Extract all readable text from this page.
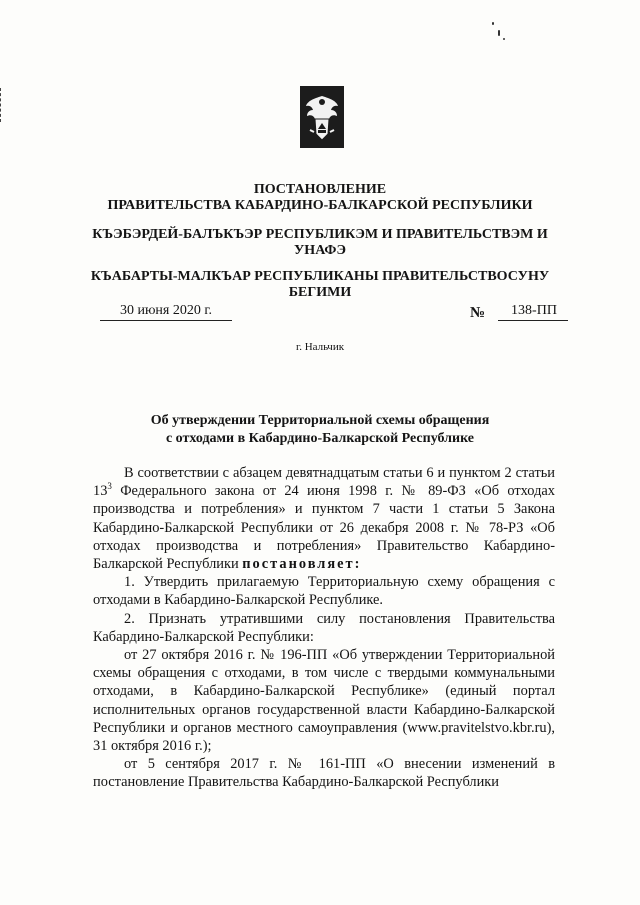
ПОСТАНОВЛЕНИЕ
ПРАВИТЕЛЬСТВА КАБАРДИНО-БАЛКАРСКОЙ РЕСПУБЛИКИ
КЪЭБЭРДЕЙ-БАЛЪКЪЭР РЕСПУБЛИКЭМ И ПРАВИТЕЛЬСТВЭМ И
УНАФЭ
КЪАБАРТЫ-МАЛКЪАР РЕСПУБЛИКАНЫ ПРАВИТЕЛЬСТВОСУНУ
БЕГИМИ
30 июня 2020 г.	№	138-ПП
г. Нальчик
Об утверждении Территориальной схемы обращения
с отходами в Кабардино-Балкарской Республике

В соответствии с абзацем девятнадцатым статьи 6 и пунктом 2 статьи $13^3$ Федерального закона от 24 июня 1998 г. № 89-ФЗ «Об отходах производства и потребления» и пунктом 7 части 1 статьи 5 Закона Кабардино-Балкарской Республики от 26 декабря 2008 г. № 78-РЗ «Об отходах производства и потребления» Правительство Кабардино-Балкарской Республики постановляет:

1. Утвердить прилагаемую Территориальную схему обращения с отходами в Кабардино-Балкарской Республике.

2. Признать утратившими силу постановления Правительства Кабардино-Балкарской Республики:

от 27 октября 2016 г. № 196-ПП «Об утверждении Территориальной схемы обращения с отходами, в том числе с твердыми коммунальными отходами, в Кабардино-Балкарской Республике» (единый портал исполнительных органов государственной власти Кабардино-Балкарской Республики и органов местного самоуправления (www.pravitelstvo.kbr.ru), 31 октября 2016 г.);

от 5 сентября 2017 г. № 161-ПП «О внесении изменений в постановление Правительства Кабардино-Балкарской Республики
